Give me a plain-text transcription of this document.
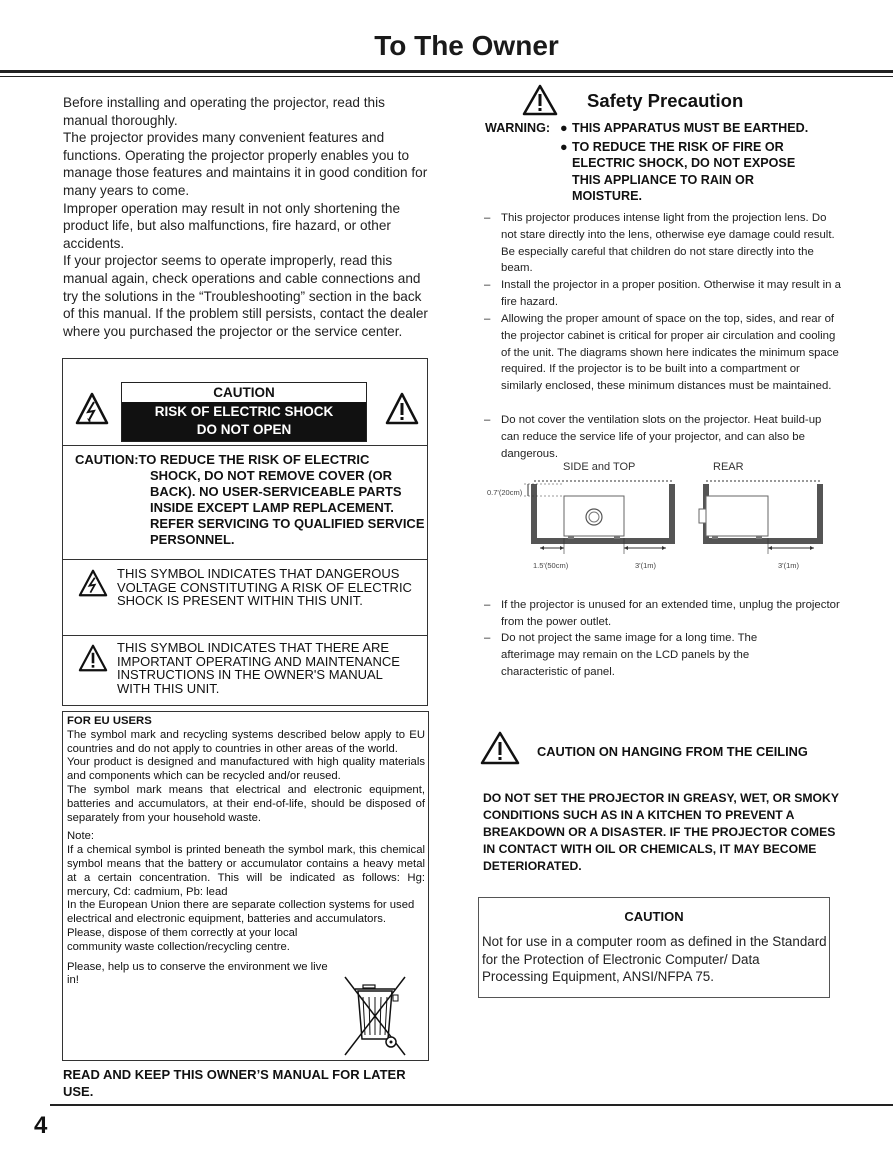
To The Owner

Before installing and operating the projector, read this manual thoroughly.

The projector provides many convenient features and functions. Operating the projector properly enables you to manage those features and maintains it in good condition for many years to come.

Improper operation may result in not only shortening the product life, but also malfunctions, fire hazard, or other accidents.

If your projector seems to operate improperly, read this manual again, check operations and cable connections and try the solutions in the “Troubleshooting” section in the back of this manual. If the problem still persists, contact the dealer where you purchased the projector or the service center.

CAUTION
RISK OF ELECTRIC SHOCK
DO NOT OPEN
CAUTION:TO REDUCE THE RISK OF ELECTRIC
SHOCK, DO NOT REMOVE COVER (OR BACK). NO USER-SERVICEABLE PARTS INSIDE EXCEPT LAMP REPLACEMENT. REFER SERVICING TO QUALIFIED SERVICE PERSONNEL.
THIS SYMBOL INDICATES THAT DANGEROUS VOLTAGE CONSTITUTING A RISK OF ELECTRIC SHOCK IS PRESENT WITHIN THIS UNIT.
THIS SYMBOL INDICATES THAT THERE ARE IMPORTANT OPERATING AND MAINTENANCE INSTRUCTIONS IN THE OWNER'S MANUAL WITH THIS UNIT.

FOR EU USERS

The symbol mark and recycling systems described below apply to EU countries and do not apply to countries in other areas of the world.

Your product is designed and manufactured with high quality materials and components which can be recycled and/or reused.

The symbol mark means that electrical and electronic equipment, batteries and accumulators, at their end-of-life, should be disposed of separately from your household waste.

Note:

If a chemical symbol is printed beneath the symbol mark, this chemical symbol means that the battery or accumulator contains a heavy metal at a certain concentration. This will be indicated as follows: Hg: mercury, Cd: cadmium, Pb: lead

In the European Union there are separate collection systems for used electrical and electronic equipment, batteries and accumulators.

Please, dispose of them correctly at your local community waste collection/recycling centre.

Please, help us to conserve the environment we live in!

READ AND KEEP THIS OWNER’S MANUAL FOR LATER USE.
Safety Precaution
WARNING: ● THIS APPARATUS MUST BE EARTHED.
● TO REDUCE THE RISK OF FIRE OR ELECTRIC SHOCK, DO NOT EXPOSE THIS APPLIANCE TO RAIN OR MOISTURE.
– This projector produces intense light from the projection lens. Do not stare directly into the lens, otherwise eye damage could result. Be especially careful that children do not stare directly into the beam.
– Install the projector in a proper position. Otherwise it may result in a fire hazard.
– Allowing the proper amount of space on the top, sides, and rear of the projector cabinet is critical for proper air circulation and cooling of the unit. The diagrams shown here indicates the minimum space required. If the projector is to be built into a compartment or similarly enclosed, these minimum distances must be maintained.
– Do not cover the ventilation slots on the projector. Heat build-up can reduce the service life of your projector, and can also be dangerous.
SIDE and TOP	REAR
0.7'(20cm)
1.5'(50cm)	3'(1m)	3'(1m)
– If the projector is unused for an extended time, unplug the projector from the power outlet.
– Do not project the same image for a long time. The afterimage may remain on the LCD panels by the characteristic of panel.
CAUTION ON HANGING FROM THE CEILING
DO NOT SET THE PROJECTOR IN GREASY, WET, OR SMOKY CONDITIONS SUCH AS IN A KITCHEN TO PREVENT A BREAKDOWN OR A DISASTER. IF THE PROJECTOR COMES IN CONTACT WITH OIL OR CHEMICALS, IT MAY BECOME DETERIORATED.
CAUTION
Not for use in a computer room as defined in the Standard for the Protection of Electronic Computer/ Data Processing Equipment, ANSI/NFPA 75.
4
